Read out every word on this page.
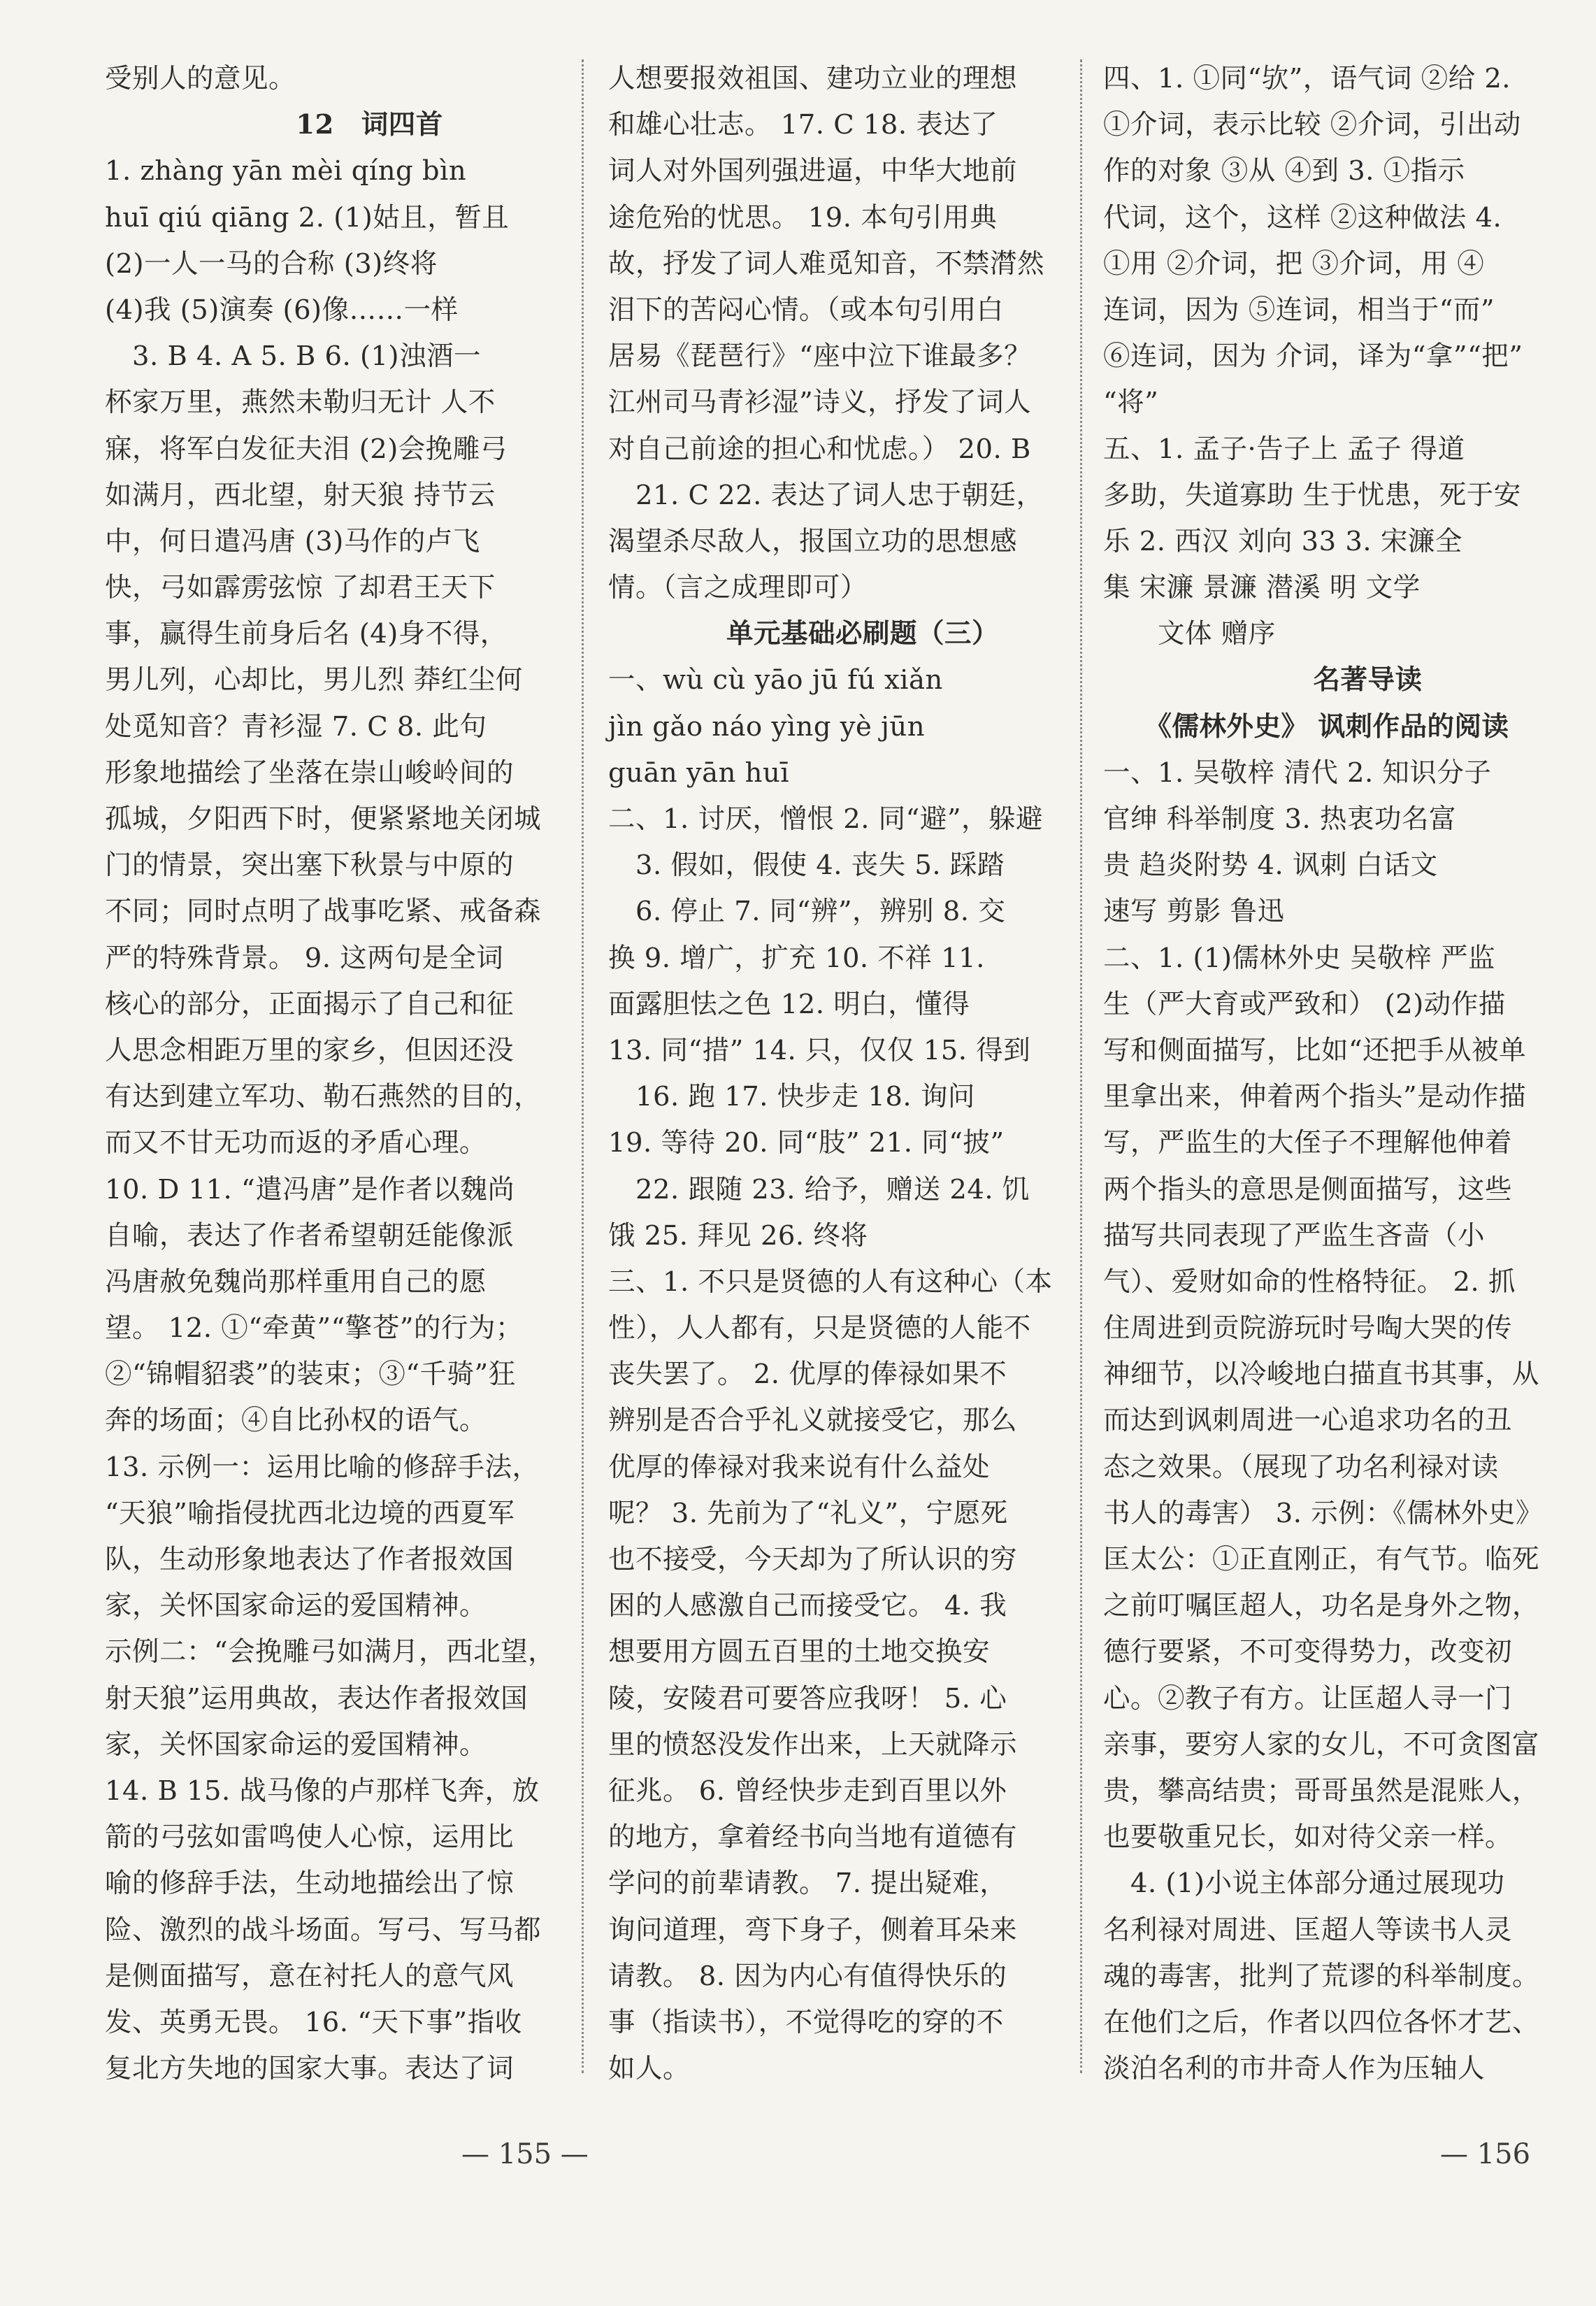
受别人的意见。
　　　12　词四首
1. zhàng yān mèi qíng bìn
huī qiú qiāng 2. (1)姑且，暂且
(2)一人一马的合称 (3)终将
(4)我 (5)演奏 (6)像……一样
　3. B 4. A 5. B 6. (1)浊酒一
杯家万里，燕然未勒归无计 人不
寐，将军白发征夫泪 (2)会挽雕弓
如满月，西北望，射天狼 持节云
中，何日遣冯唐 (3)马作的卢飞
快，弓如霹雳弦惊 了却君王天下
事，赢得生前身后名 (4)身不得，
男儿列，心却比，男儿烈 莽红尘何
处觅知音？青衫湿 7. C 8. 此句
形象地描绘了坐落在崇山峻岭间的
孤城，夕阳西下时，便紧紧地关闭城
门的情景，突出塞下秋景与中原的
不同；同时点明了战事吃紧、戒备森
严的特殊背景。 9. 这两句是全词
核心的部分，正面揭示了自己和征
人思念相距万里的家乡，但因还没
有达到建立军功、勒石燕然的目的，
而又不甘无功而返的矛盾心理。
10. D 11. “遣冯唐”是作者以魏尚
自喻，表达了作者希望朝廷能像派
冯唐赦免魏尚那样重用自己的愿
望。 12. ①“牵黄”“擎苍”的行为；
②“锦帽貂裘”的装束；③“千骑”狂
奔的场面；④自比孙权的语气。
13. 示例一：运用比喻的修辞手法，
“天狼”喻指侵扰西北边境的西夏军
队，生动形象地表达了作者报效国
家，关怀国家命运的爱国精神。
示例二：“会挽雕弓如满月，西北望，
射天狼”运用典故，表达作者报效国
家，关怀国家命运的爱国精神。
14. B 15. 战马像的卢那样飞奔，放
箭的弓弦如雷鸣使人心惊，运用比
喻的修辞手法，生动地描绘出了惊
险、激烈的战斗场面。写弓、写马都
是侧面描写，意在衬托人的意气风
发、英勇无畏。 16. “天下事”指收
复北方失地的国家大事。表达了词
人想要报效祖国、建功立业的理想
和雄心壮志。 17. C 18. 表达了
词人对外国列强进逼，中华大地前
途危殆的忧思。 19. 本句引用典
故，抒发了词人难觅知音，不禁潸然
泪下的苦闷心情。（或本句引用白
居易《琵琶行》“座中泣下谁最多？
江州司马青衫湿”诗义，抒发了词人
对自己前途的担心和忧虑。） 20. B
　21. C 22. 表达了词人忠于朝廷，
渴望杀尽敌人，报国立功的思想感
情。（言之成理即可）
　　单元基础必刷题（三）
一、wù cù yāo jū fú xiǎn
jìn gǎo náo yìng yè jūn
guān yān huī
二、1. 讨厌，憎恨 2. 同“避”，躲避
　3. 假如，假使 4. 丧失 5. 踩踏
　6. 停止 7. 同“辨”，辨别 8. 交
换 9. 增广，扩充 10. 不祥 11.
面露胆怯之色 12. 明白，懂得
13. 同“措” 14. 只，仅仅 15. 得到
　16. 跑 17. 快步走 18. 询问
19. 等待 20. 同“肢” 21. 同“披”
　22. 跟随 23. 给予，赠送 24. 饥
饿 25. 拜见 26. 终将
三、1. 不只是贤德的人有这种心（本
性），人人都有，只是贤德的人能不
丧失罢了。 2. 优厚的俸禄如果不
辨别是否合乎礼义就接受它，那么
优厚的俸禄对我来说有什么益处
呢？ 3. 先前为了“礼义”，宁愿死
也不接受，今天却为了所认识的穷
困的人感激自己而接受它。 4. 我
想要用方圆五百里的土地交换安
陵，安陵君可要答应我呀！ 5. 心
里的愤怒没发作出来，上天就降示
征兆。 6. 曾经快步走到百里以外
的地方，拿着经书向当地有道德有
学问的前辈请教。 7. 提出疑难，
询问道理，弯下身子，侧着耳朵来
请教。 8. 因为内心有值得快乐的
事（指读书），不觉得吃的穿的不
如人。
四、1. ①同“欤”，语气词 ②给 2.
①介词，表示比较 ②介词，引出动
作的对象 ③从 ④到 3. ①指示
代词，这个，这样 ②这种做法 4.
①用 ②介词，把 ③介词，用 ④
连词，因为 ⑤连词，相当于“而”
⑥连词，因为 介词，译为“拿”“把”
“将”
五、1. 孟子·告子上 孟子 得道
多助，失道寡助 生于忧患，死于安
乐 2. 西汉 刘向 33 3. 宋濂全
集 宋濂 景濂 潜溪 明 文学
　　文体 赠序
　　　名著导读
《儒林外史》 讽刺作品的阅读
一、1. 吴敬梓 清代 2. 知识分子
官绅 科举制度 3. 热衷功名富
贵 趋炎附势 4. 讽刺 白话文
速写 剪影 鲁迅
二、1. (1)儒林外史 吴敬梓 严监
生（严大育或严致和） (2)动作描
写和侧面描写，比如“还把手从被单
里拿出来，伸着两个指头”是动作描
写，严监生的大侄子不理解他伸着
两个指头的意思是侧面描写，这些
描写共同表现了严监生吝啬（小
气）、爱财如命的性格特征。 2. 抓
住周进到贡院游玩时号啕大哭的传
神细节，以冷峻地白描直书其事，从
而达到讽刺周进一心追求功名的丑
态之效果。（展现了功名利禄对读
书人的毒害） 3. 示例：《儒林外史》
匡太公：①正直刚正，有气节。临死
之前叮嘱匡超人，功名是身外之物，
德行要紧，不可变得势力，改变初
心。②教子有方。让匡超人寻一门
亲事，要穷人家的女儿，不可贪图富
贵，攀高结贵；哥哥虽然是混账人，
也要敬重兄长，如对待父亲一样。
　4. (1)小说主体部分通过展现功
名利禄对周进、匡超人等读书人灵
魂的毒害，批判了荒谬的科举制度。
在他们之后，作者以四位各怀才艺、
淡泊名利的市井奇人作为压轴人
— 155 —	— 156
